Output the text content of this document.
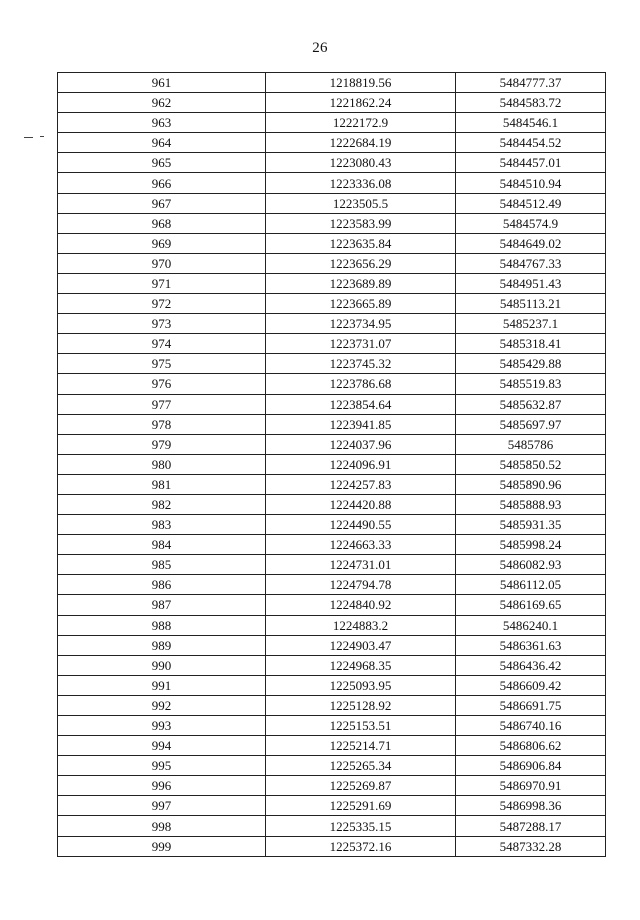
26
961	1218819.56	5484777.37
962	1221862.24	5484583.72
963	1222172.9	5484546.1
964	1222684.19	5484454.52
965	1223080.43	5484457.01
966	1223336.08	5484510.94
967	1223505.5	5484512.49
968	1223583.99	5484574.9
969	1223635.84	5484649.02
970	1223656.29	5484767.33
971	1223689.89	5484951.43
972	1223665.89	5485113.21
973	1223734.95	5485237.1
974	1223731.07	5485318.41
975	1223745.32	5485429.88
976	1223786.68	5485519.83
977	1223854.64	5485632.87
978	1223941.85	5485697.97
979	1224037.96	5485786
980	1224096.91	5485850.52
981	1224257.83	5485890.96
982	1224420.88	5485888.93
983	1224490.55	5485931.35
984	1224663.33	5485998.24
985	1224731.01	5486082.93
986	1224794.78	5486112.05
987	1224840.92	5486169.65
988	1224883.2	5486240.1
989	1224903.47	5486361.63
990	1224968.35	5486436.42
991	1225093.95	5486609.42
992	1225128.92	5486691.75
993	1225153.51	5486740.16
994	1225214.71	5486806.62
995	1225265.34	5486906.84
996	1225269.87	5486970.91
997	1225291.69	5486998.36
998	1225335.15	5487288.17
999	1225372.16	5487332.28
